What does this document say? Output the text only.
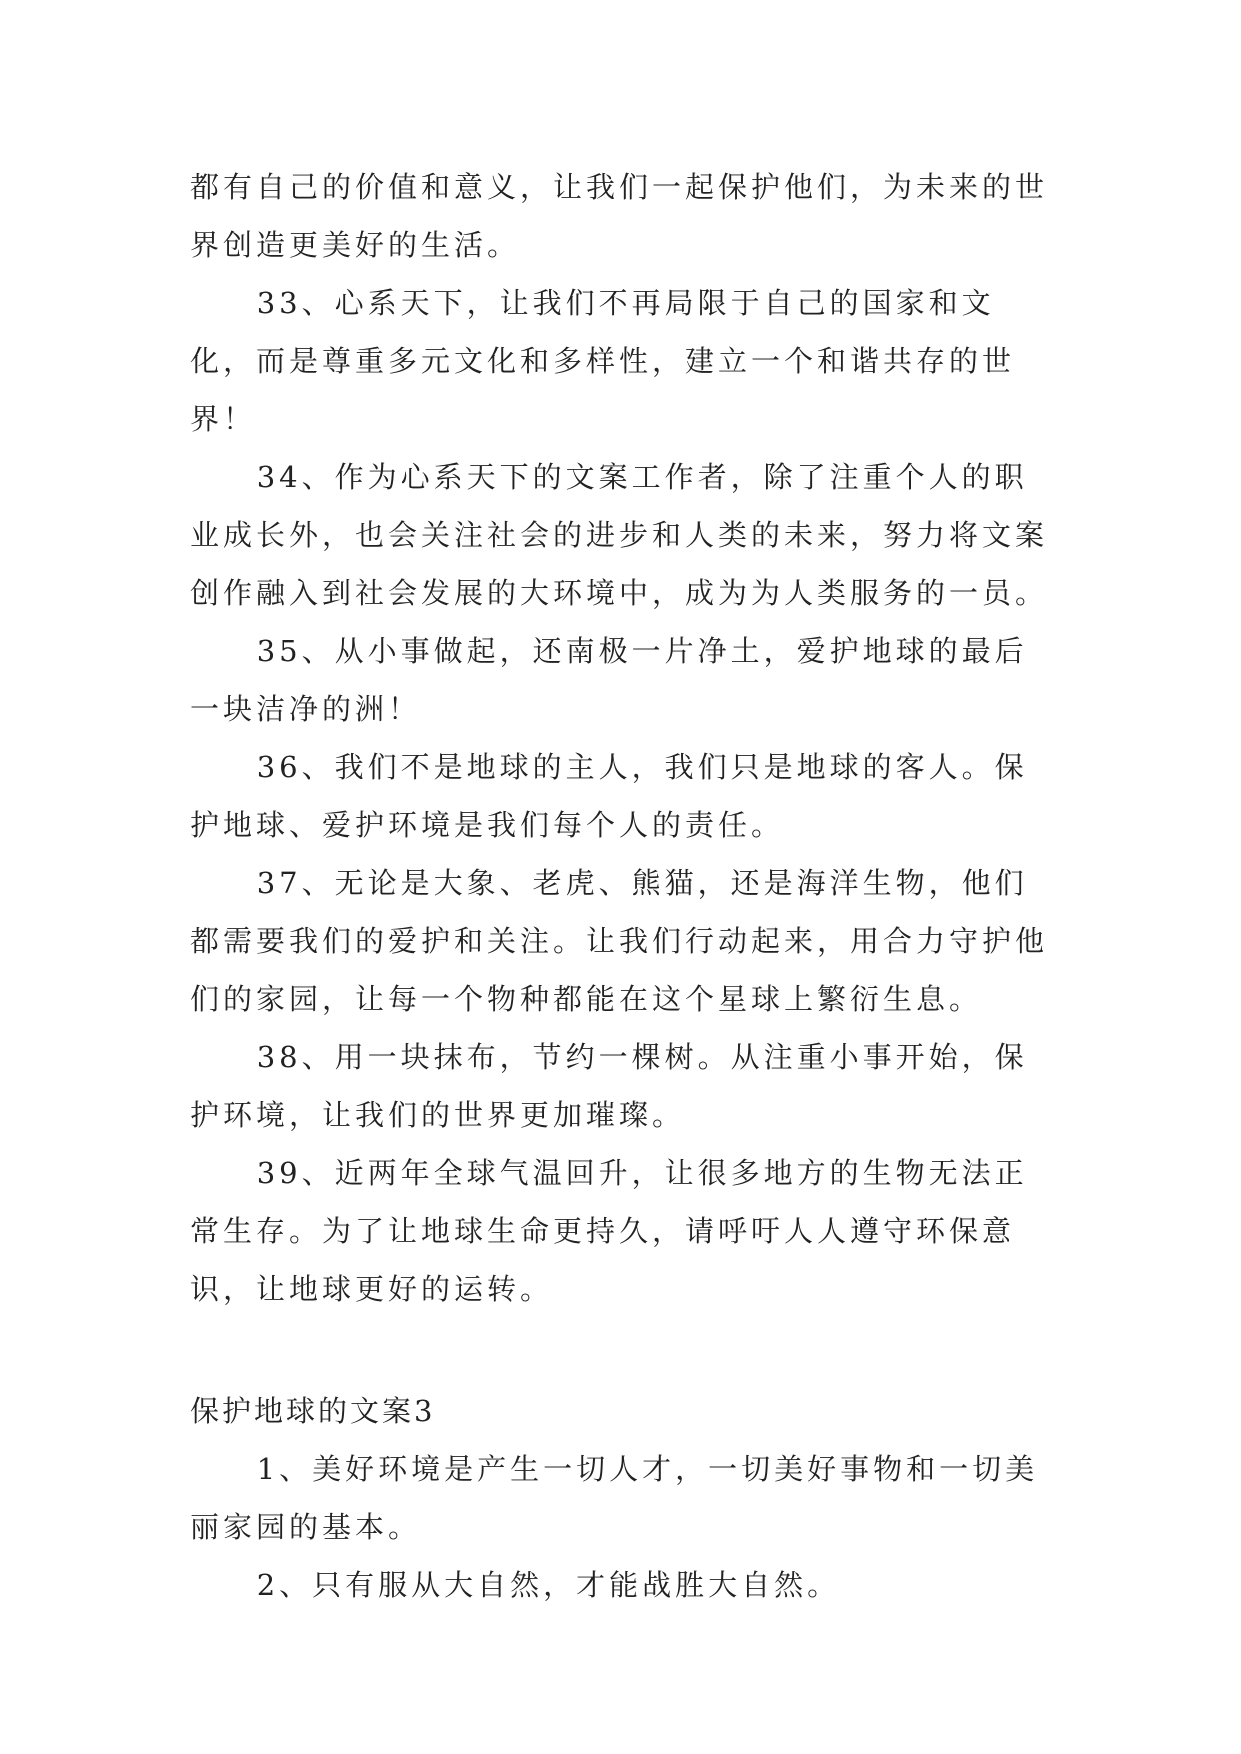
都有自己的价值和意义，让我们一起保护他们，为未来的世界创造更美好的生活。

33、心系天下，让我们不再局限于自己的国家和文化，而是尊重多元文化和多样性，建立一个和谐共存的世界！

34、作为心系天下的文案工作者，除了注重个人的职业成长外，也会关注社会的进步和人类的未来，努力将文案创作融入到社会发展的大环境中，成为为人类服务的一员。

35、从小事做起，还南极一片净土，爱护地球的最后一块洁净的洲！

36、我们不是地球的主人，我们只是地球的客人。保护地球、爱护环境是我们每个人的责任。

37、无论是大象、老虎、熊猫，还是海洋生物，他们都需要我们的爱护和关注。让我们行动起来，用合力守护他们的家园，让每一个物种都能在这个星球上繁衍生息。

38、用一块抹布，节约一棵树。从注重小事开始，保护环境，让我们的世界更加璀璨。

39、近两年全球气温回升，让很多地方的生物无法正常生存。为了让地球生命更持久，请呼吁人人遵守环保意识，让地球更好的运转。

保护地球的文案3

1、美好环境是产生一切人才，一切美好事物和一切美丽家园的基本。

2、只有服从大自然，才能战胜大自然。
